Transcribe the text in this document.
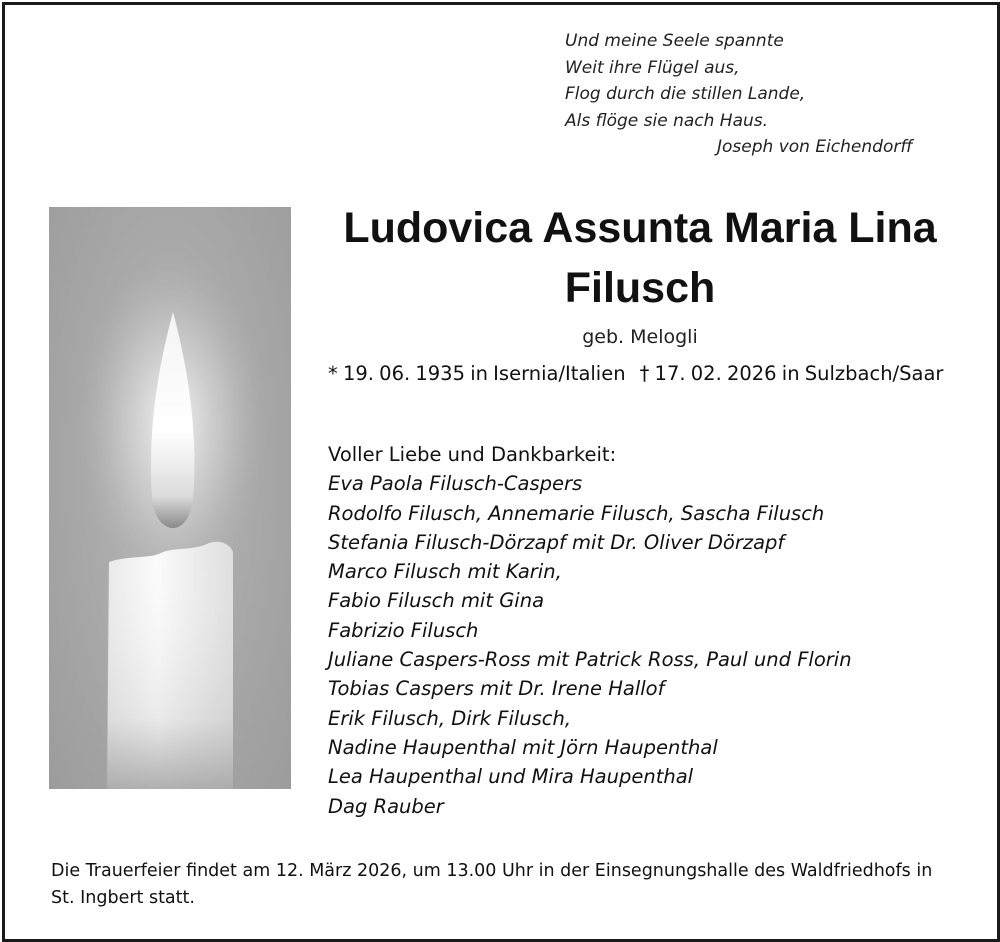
Und meine Seele spannte
Weit ihre Flügel aus,
Flog durch die stillen Lande,
Als flöge sie nach Haus.
Joseph von Eichendorff
Ludovica Assunta Maria Lina
Filusch
geb. Melogli
* 19. 06. 1935 in Isernia/Italien † 17. 02. 2026 in Sulzbach/Saar
Voller Liebe und Dankbarkeit:
Eva Paola Filusch-Caspers
Rodolfo Filusch, Annemarie Filusch, Sascha Filusch
Stefania Filusch-Dörzapf mit Dr. Oliver Dörzapf
Marco Filusch mit Karin,
Fabio Filusch mit Gina
Fabrizio Filusch
Juliane Caspers-Ross mit Patrick Ross, Paul und Florin
Tobias Caspers mit Dr. Irene Hallof
Erik Filusch, Dirk Filusch,
Nadine Haupenthal mit Jörn Haupenthal
Lea Haupenthal und Mira Haupenthal
Dag Rauber
Die Trauerfeier findet am 12. März 2026, um 13.00 Uhr in der Einsegnungshalle des Waldfriedhofs in St. Ingbert statt.
